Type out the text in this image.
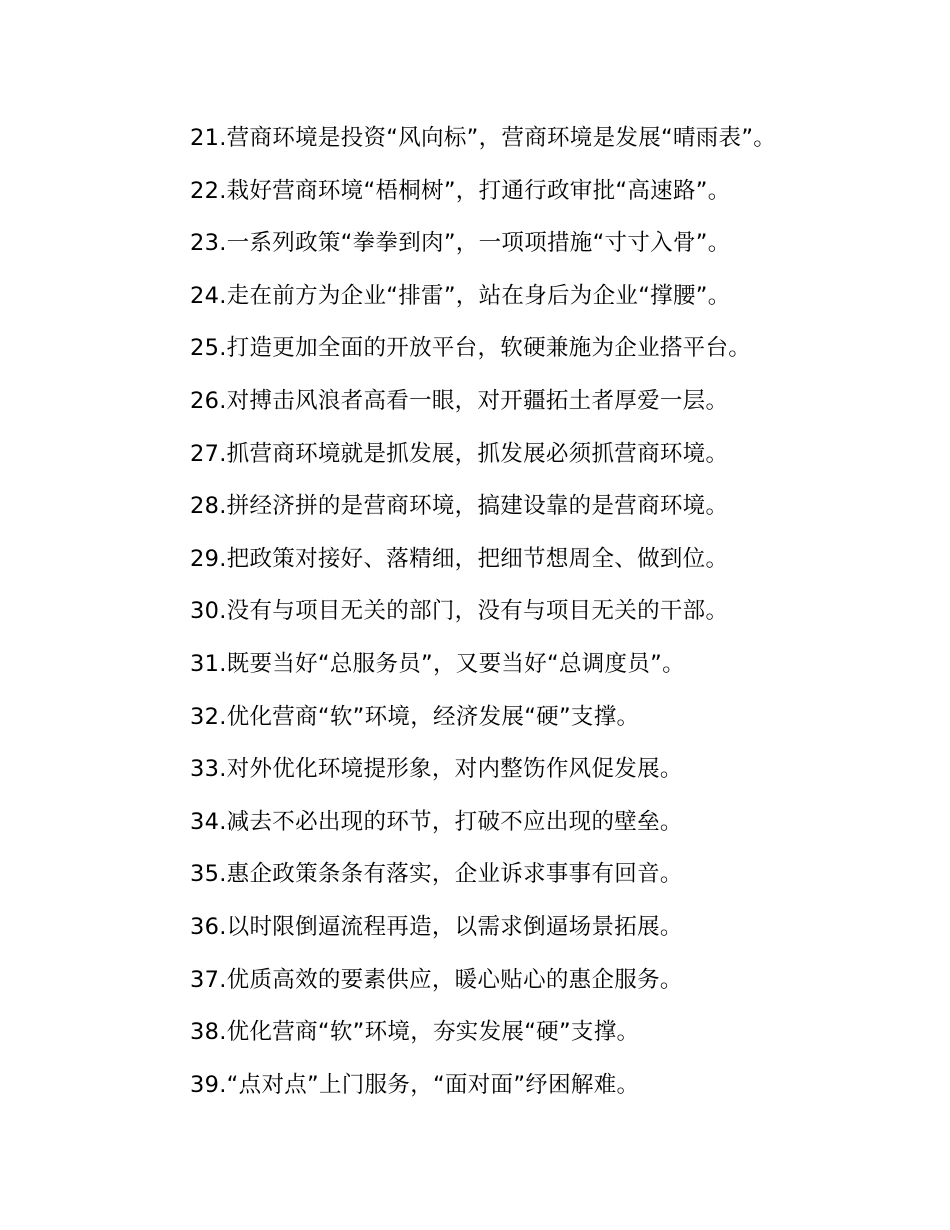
21.营商环境是投资“风向标”，营商环境是发展“晴雨表”。
22.栽好营商环境“梧桐树”，打通行政审批“高速路”。
23.一系列政策“拳拳到肉”，一项项措施“寸寸入骨”。
24.走在前方为企业“排雷”，站在身后为企业“撑腰”。
25.打造更加全面的开放平台，软硬兼施为企业搭平台。
26.对搏击风浪者高看一眼，对开疆拓土者厚爱一层。
27.抓营商环境就是抓发展，抓发展必须抓营商环境。
28.拼经济拼的是营商环境，搞建设靠的是营商环境。
29.把政策对接好、落精细，把细节想周全、做到位。
30.没有与项目无关的部门，没有与项目无关的干部。
31.既要当好“总服务员”，又要当好“总调度员”。
32.优化营商“软”环境，经济发展“硬”支撑。
33.对外优化环境提形象，对内整饬作风促发展。
34.减去不必出现的环节，打破不应出现的壁垒。
35.惠企政策条条有落实，企业诉求事事有回音。
36.以时限倒逼流程再造，以需求倒逼场景拓展。
37.优质高效的要素供应，暖心贴心的惠企服务。
38.优化营商“软”环境，夯实发展“硬”支撑。
39.“点对点”上门服务，“面对面”纾困解难。
